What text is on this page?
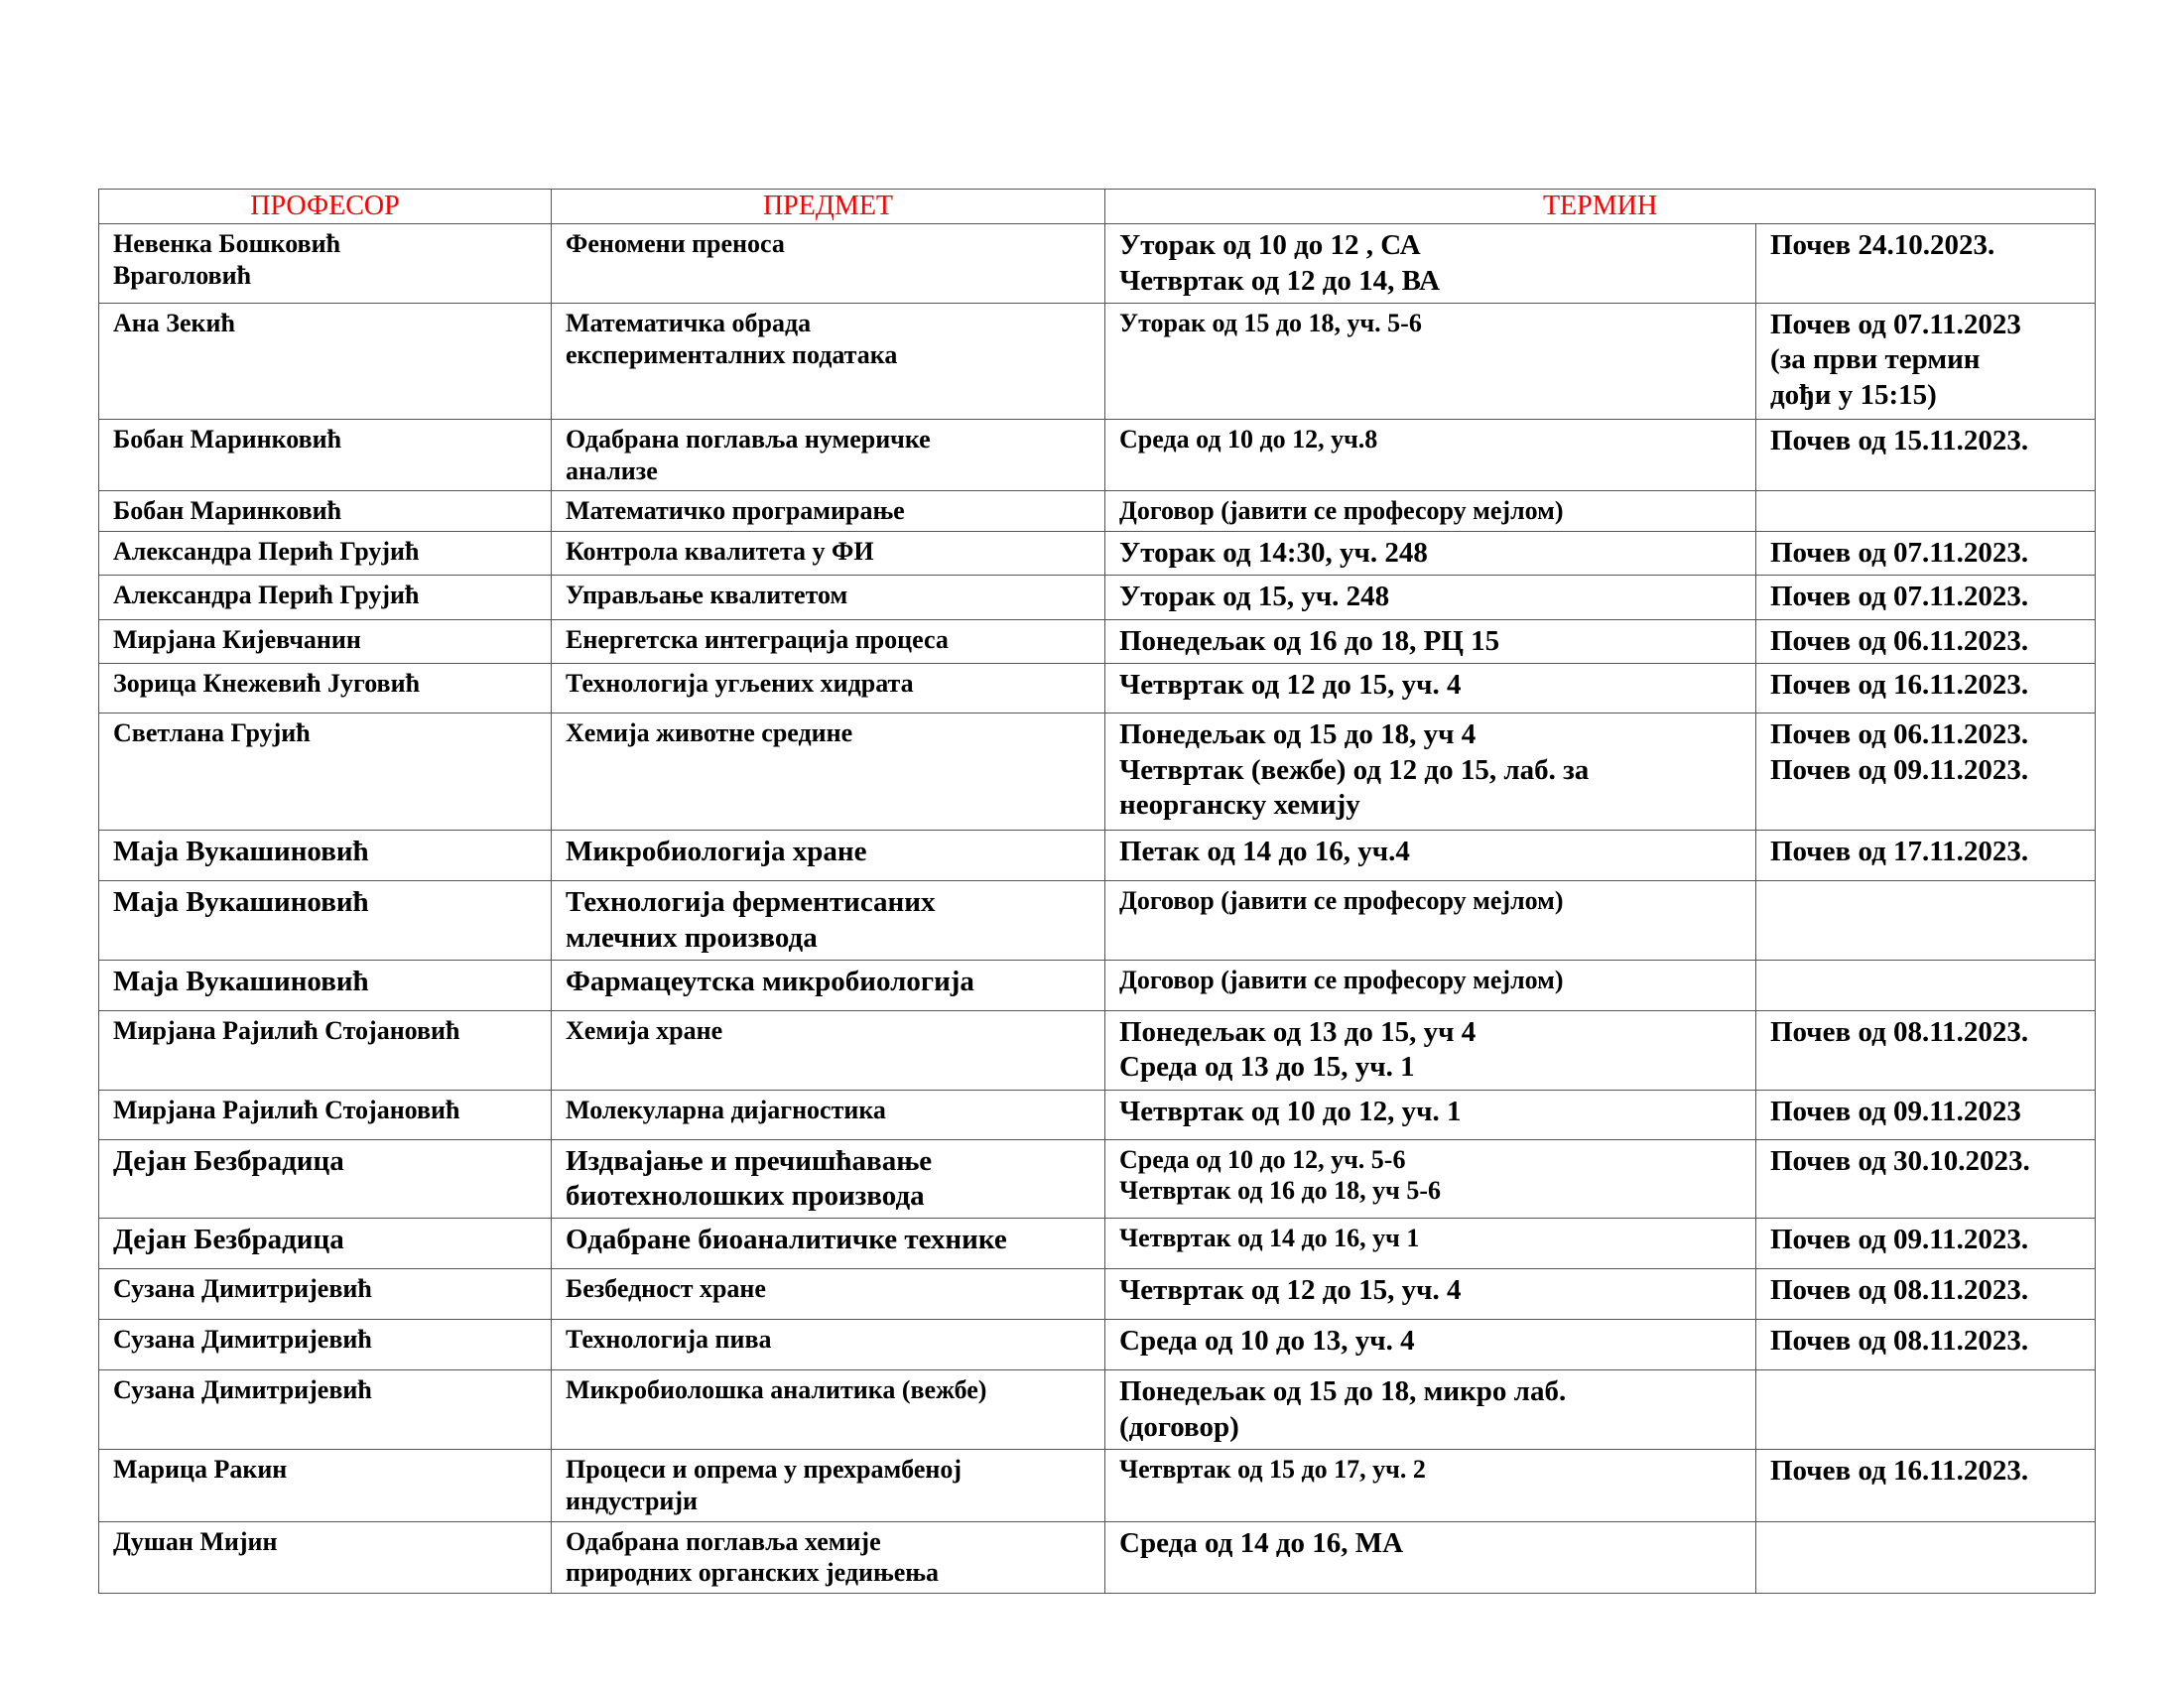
ПРОФЕСОР	ПРЕДМЕТ	ТЕРМИН	

Невенка Бошковић
Враголовић	Феномени преноса	Уторак од 10 до 12 , СА
Четвртак од 12 до 14, ВА	Почев 24.10.2023.

Ана Зекић	Математичка обрада
експерименталних података	Уторак од 15 до 18, уч. 5-6	Почев од 07.11.2023
(за први термин
дођи у 15:15)

Бобан Маринковић	Одабрана поглавља нумеричке
анализе	Среда од 10 до 12, уч.8	Почев од 15.11.2023.

Бобан Маринковић	Математичко програмирање	Договор (јавити се професору мејлом)	

Александра Перић Грујић	Контрола квалитета у ФИ	Уторак од 14:30, уч. 248	Почев од 07.11.2023.

Александра Перић Грујић	Управљање квалитетом	Уторак од 15, уч. 248	Почев од 07.11.2023.

Мирјана Кијевчанин	Енергетска интеграција процеса	Понедељак од 16 до 18, РЦ 15	Почев од 06.11.2023.

Зорица Кнежевић Југовић	Технологија угљених хидрата	Четвртак од 12 до 15, уч. 4	Почев од 16.11.2023.

Светлана Грујић	Хемија животне средине	Понедељак од 15 до 18, уч 4
Четвртак (вежбе) од 12 до 15, лаб. за
неорганску хемију	Почев од 06.11.2023.
Почев од 09.11.2023.

Маја Вукашиновић	Микробиологија хране	Петак од 14 до 16, уч.4	Почев од 17.11.2023.

Маја Вукашиновић	Технологија ферментисаних
млечних производа	Договор (јавити се професору мејлом)	

Маја Вукашиновић	Фармацеутска микробиологија	Договор (јавити се професору мејлом)	

Мирјана Рајилић Стојановић	Хемија хране	Понедељак од 13 до 15, уч 4
Среда од 13 до 15, уч. 1	Почев од 08.11.2023.

Мирјана Рајилић Стојановић	Молекуларна дијагностика	Четвртак од 10 до 12, уч. 1	Почев од 09.11.2023

Дејан Безбрадица	Издвајање и пречишћавање
биотехнолошких производа	Среда од 10 до 12, уч. 5-6
Четвртак од 16 до 18, уч 5-6	Почев од 30.10.2023.

Дејан Безбрадица	Одабране биоаналитичке технике	Четвртак од 14 до 16, уч 1	Почев од 09.11.2023.

Сузана Димитријевић	Безбедност хране	Четвртак од 12 до 15, уч. 4	Почев од 08.11.2023.

Сузана Димитријевић	Технологија пива	Среда од 10 до 13, уч. 4	Почев од 08.11.2023.

Сузана Димитријевић	Микробиолошка аналитика (вежбе)	Понедељак од 15 до 18, микро лаб.
(договор)	

Марица Ракин	Процеси и опрема у прехрамбеној
индустрији	Четвртак од 15 до 17, уч. 2	Почев од 16.11.2023.

Душан Мијин	Одабрана поглавља хемије
природних органских једињења	Среда од 14 до 16, МА	
